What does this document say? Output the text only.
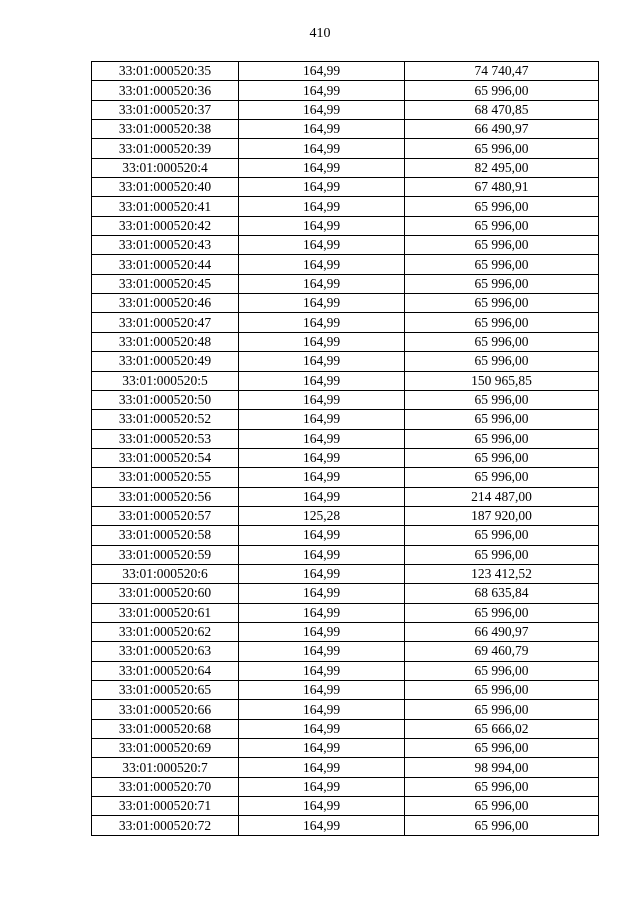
410
33:01:000520:35	164,99	74 740,47
33:01:000520:36	164,99	65 996,00
33:01:000520:37	164,99	68 470,85
33:01:000520:38	164,99	66 490,97
33:01:000520:39	164,99	65 996,00
33:01:000520:4	164,99	82 495,00
33:01:000520:40	164,99	67 480,91
33:01:000520:41	164,99	65 996,00
33:01:000520:42	164,99	65 996,00
33:01:000520:43	164,99	65 996,00
33:01:000520:44	164,99	65 996,00
33:01:000520:45	164,99	65 996,00
33:01:000520:46	164,99	65 996,00
33:01:000520:47	164,99	65 996,00
33:01:000520:48	164,99	65 996,00
33:01:000520:49	164,99	65 996,00
33:01:000520:5	164,99	150 965,85
33:01:000520:50	164,99	65 996,00
33:01:000520:52	164,99	65 996,00
33:01:000520:53	164,99	65 996,00
33:01:000520:54	164,99	65 996,00
33:01:000520:55	164,99	65 996,00
33:01:000520:56	164,99	214 487,00
33:01:000520:57	125,28	187 920,00
33:01:000520:58	164,99	65 996,00
33:01:000520:59	164,99	65 996,00
33:01:000520:6	164,99	123 412,52
33:01:000520:60	164,99	68 635,84
33:01:000520:61	164,99	65 996,00
33:01:000520:62	164,99	66 490,97
33:01:000520:63	164,99	69 460,79
33:01:000520:64	164,99	65 996,00
33:01:000520:65	164,99	65 996,00
33:01:000520:66	164,99	65 996,00
33:01:000520:68	164,99	65 666,02
33:01:000520:69	164,99	65 996,00
33:01:000520:7	164,99	98 994,00
33:01:000520:70	164,99	65 996,00
33:01:000520:71	164,99	65 996,00
33:01:000520:72	164,99	65 996,00
